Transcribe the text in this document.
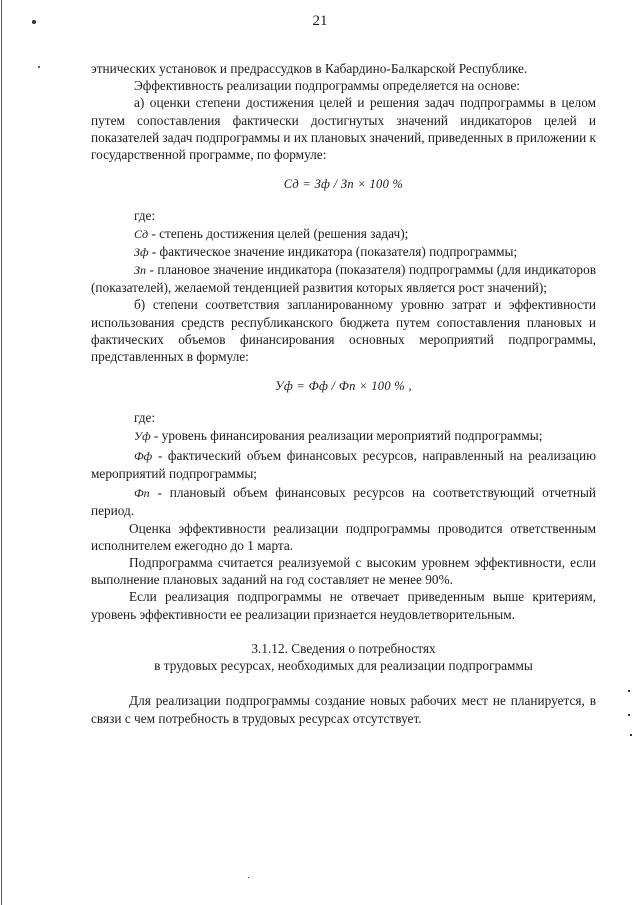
21

этнических установок и предрассудков в Кабардино-Балкарской Республике.

Эффективность реализации подпрограммы определяется на основе:

а) оценки степени достижения целей и решения задач подпрограммы в целом путем сопоставления фактически достигнутых значений индикаторов целей и показателей задач подпрограммы и их плановых значений, приведенных в приложении к государственной программе, по формуле:

Сд = Зф / Зп × 100 %

где:

Сд - степень достижения целей (решения задач);

Зф - фактическое значение индикатора (показателя) подпрограммы;

Зп - плановое значение индикатора (показателя) подпрограммы (для индикаторов (показателей), желаемой тенденцией развития которых является рост значений);

б) степени соответствия запланированному уровню затрат и эффективности использования средств республиканского бюджета путем сопоставления плановых и фактических объемов финансирования основных мероприятий подпрограммы, представленных в формуле:

Уф = Фф / Фп × 100 % ,

где:

Уф - уровень финансирования реализации мероприятий подпрограммы;

Фф - фактический объем финансовых ресурсов, направленный на реализацию мероприятий подпрограммы;

Фп - плановый объем финансовых ресурсов на соответствующий отчетный период.

Оценка эффективности реализации подпрограммы проводится ответственным исполнителем ежегодно до 1 марта.

Подпрограмма считается реализуемой с высоким уровнем эффективности, если выполнение плановых заданий на год составляет не менее 90%.

Если реализация подпрограммы не отвечает приведенным выше критериям, уровень эффективности ее реализации признается неудовлетворительным.

3.1.12. Сведения о потребностях

в трудовых ресурсах, необходимых для реализации подпрограммы

Для реализации подпрограммы создание новых рабочих мест не планируется, в связи с чем потребность в трудовых ресурсах отсутствует.
